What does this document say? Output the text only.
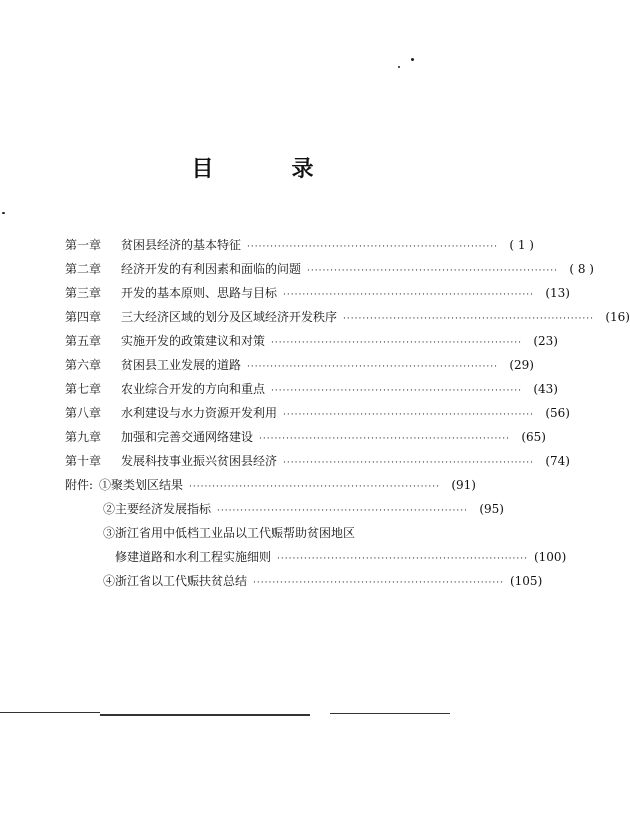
目　录
第一章	贫困县经济的基本特征 ································································· ( 1 )
第二章	经济开发的有利因素和面临的问题 ································································· ( 8 )
第三章	开发的基本原则、思路与目标 ································································· (13)
第四章	三大经济区域的划分及区域经济开发秩序 ································································· (16)
第五章	实施开发的政策建议和对策 ································································· (23)
第六章	贫困县工业发展的道路 ································································· (29)
第七章	农业综合开发的方向和重点 ································································· (43)
第八章	水利建设与水力资源开发利用 ································································· (56)
第九章	加强和完善交通网络建设 ································································· (65)
第十章	发展科技事业振兴贫困县经济 ································································· (74)
附件: ①聚类划区结果 ································································· (91)
②主要经济发展指标 ································································· (95)
③浙江省用中低档工业品以工代赈帮助贫困地区
修建道路和水利工程实施细则 ································································· (100)
④浙江省以工代赈扶贫总结 ································································· (105)
